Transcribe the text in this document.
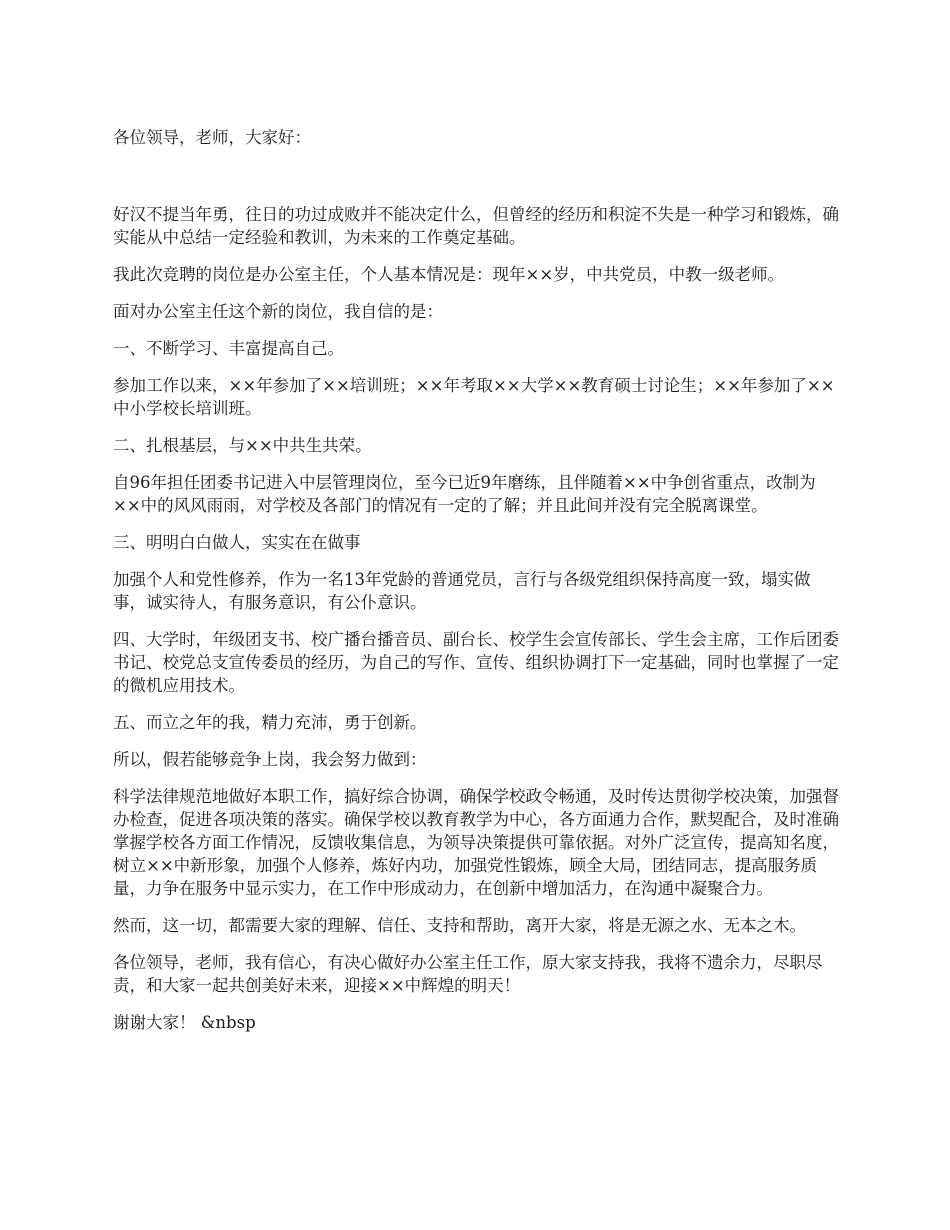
各位领导，老师，大家好：

好汉不提当年勇，往日的功过成败并不能决定什么，但曾经的经历和积淀不失是一种学习和锻炼，确实能从中总结一定经验和教训，为未来的工作奠定基础。

我此次竞聘的岗位是办公室主任，个人基本情况是：现年××岁，中共党员，中教一级老师。

面对办公室主任这个新的岗位，我自信的是：

一、不断学习、丰富提高自己。

参加工作以来，××年参加了××培训班；××年考取××大学××教育硕士讨论生；××年参加了××中小学校长培训班。

二、扎根基层，与××中共生共荣。

自96年担任团委书记进入中层管理岗位，至今已近9年磨练，且伴随着××中争创省重点，改制为××中的风风雨雨，对学校及各部门的情况有一定的了解；并且此间并没有完全脱离课堂。

三、明明白白做人，实实在在做事

加强个人和党性修养，作为一名13年党龄的普通党员，言行与各级党组织保持高度一致，塌实做事，诚实待人，有服务意识，有公仆意识。

四、大学时，年级团支书、校广播台播音员、副台长、校学生会宣传部长、学生会主席，工作后团委书记、校党总支宣传委员的经历，为自己的写作、宣传、组织协调打下一定基础，同时也掌握了一定的微机应用技术。

五、而立之年的我，精力充沛，勇于创新。

所以，假若能够竞争上岗，我会努力做到：

科学法律规范地做好本职工作，搞好综合协调，确保学校政令畅通，及时传达贯彻学校决策，加强督办检查，促进各项决策的落实。确保学校以教育教学为中心，各方面通力合作，默契配合，及时准确掌握学校各方面工作情况，反馈收集信息，为领导决策提供可靠依据。对外广泛宣传，提高知名度，树立××中新形象，加强个人修养，炼好内功，加强党性锻炼，顾全大局，团结同志，提高服务质量，力争在服务中显示实力，在工作中形成动力，在创新中增加活力，在沟通中凝聚合力。

然而，这一切，都需要大家的理解、信任、支持和帮助，离开大家，将是无源之水、无本之木。

各位领导，老师，我有信心，有决心做好办公室主任工作，原大家支持我，我将不遗余力，尽职尽责，和大家一起共创美好未来，迎接××中辉煌的明天！

谢谢大家！ &nbsp
